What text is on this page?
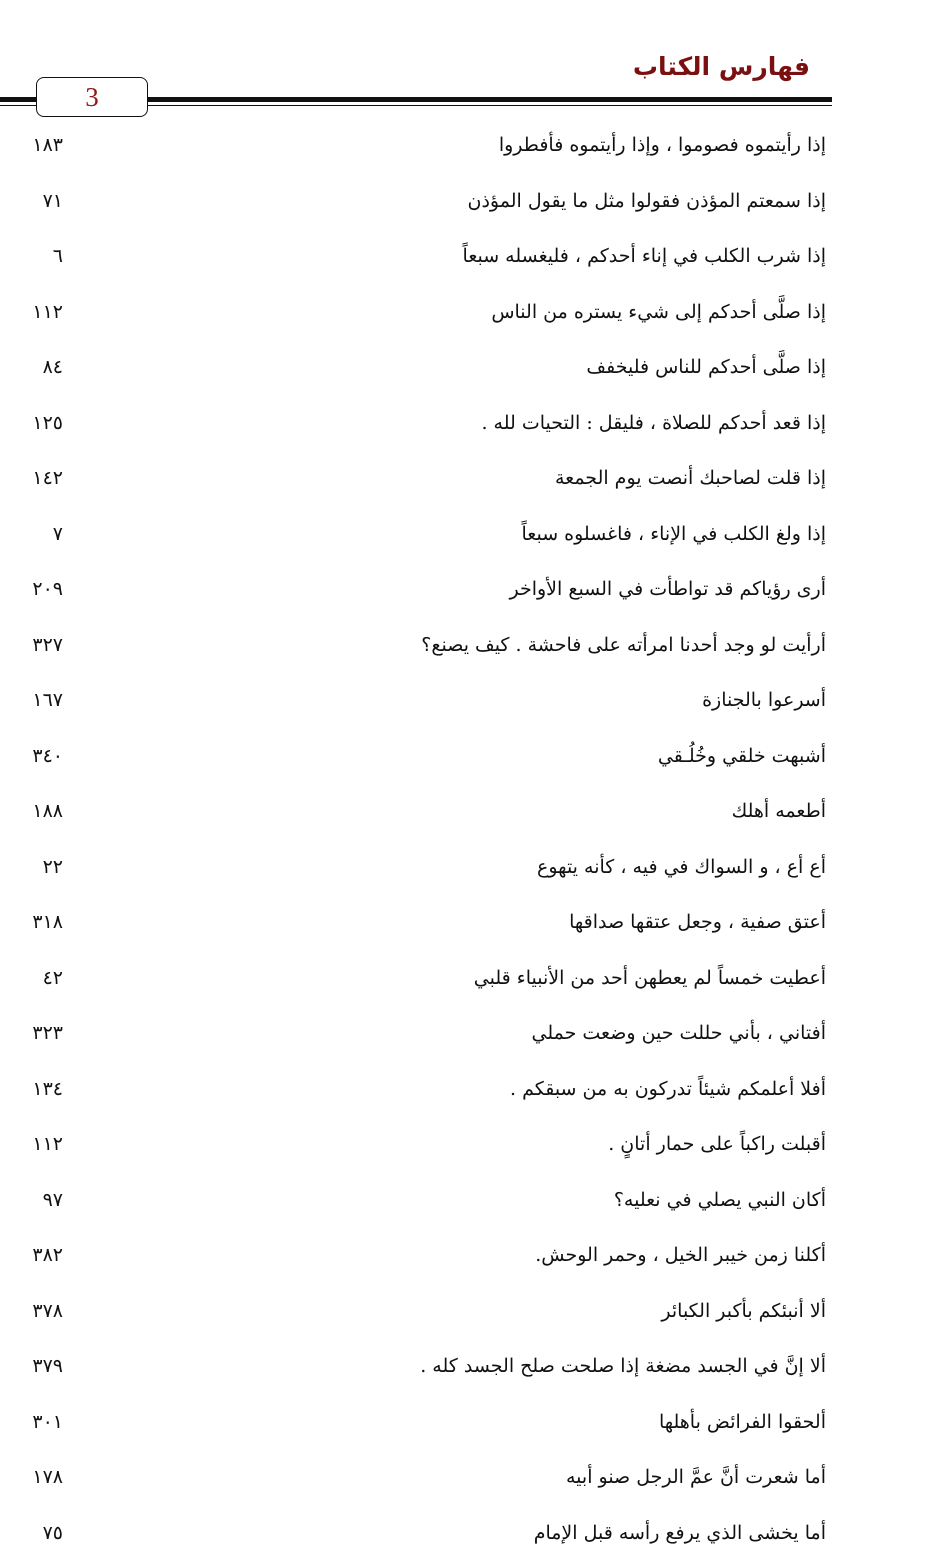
فهارس الكتاب
3
إذا رأيتموه فصوموا ، وإذا رأيتموه فأفطروا
١٨٣
إذا سمعتم المؤذن فقولوا مثل ما يقول المؤذن
٧١
إذا شرب الكلب في إناء أحدكم ، فليغسله سبعاً
٦
إذا صلَّى أحدكم إلى شيء يستره من الناس
١١٢
إذا صلَّى أحدكم للناس فليخفف
٨٤
إذا قعد أحدكم للصلاة ، فليقل : التحيات لله .
١٢٥
إذا قلت لصاحبك أنصت يوم الجمعة
١٤٢
إذا ولغ الكلب في الإناء ، فاغسلوه سبعاً
٧
أرى رؤياكم قد تواطأت في السبع الأواخر
٢٠٩
أرأيت لو وجد أحدنا امرأته على فاحشة . كيف يصنع؟
٣٢٧
أسرعوا بالجنازة
١٦٧
أشبهت خلقي وخُلُـقي
٣٤٠
أطعمه أهلك
١٨٨
أع أع ، و السواك في فيه ، كأنه يتهوع
٢٢
أعتق صفية ، وجعل عتقها صداقها
٣١٨
أعطيت خمساً لم يعطهن أحد من الأنبياء قلبي
٤٢
أفتاني ، بأني حللت حين وضعت حملي
٣٢٣
أفلا أعلمكم شيئاً تدركون به من سبقكم .
١٣٤
أقبلت راكباً على حمار أتانٍ .
١١٢
أكان النبي يصلي في نعليه؟
٩٧
أكلنا زمن خيبر الخيل ، وحمر الوحش.
٣٨٢
ألا أنبئكم بأكبر الكبائر
٣٧٨
ألا إنَّ في الجسد مضغة إذا صلحت صلح الجسد كله .
٣٧٩
ألحقوا الفرائض بأهلها
٣٠١
أما شعرت أنَّ عمَّ الرجل صنو أبيه
١٧٨
أما يخشى الذي يرفع رأسه قبل الإمام
٧٥
